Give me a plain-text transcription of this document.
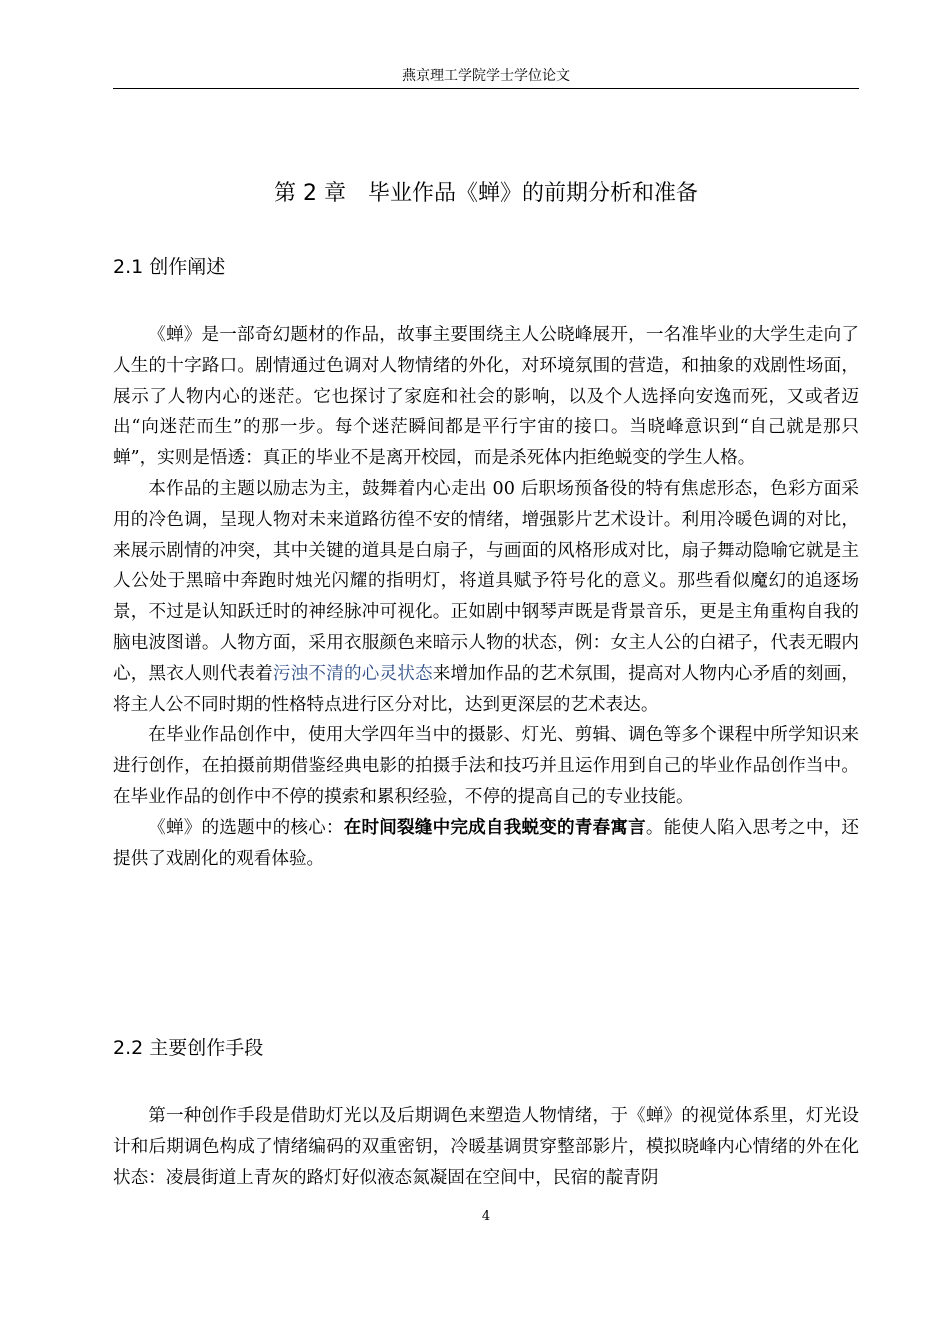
燕京理工学院学士学位论文
第 2 章　毕业作品《蝉》的前期分析和准备
2.1 创作阐述

《蝉》是一部奇幻题材的作品，故事主要围绕主人公晓峰展开，一名准毕业的大学生走向了人生的十字路口。剧情通过色调对人物情绪的外化，对环境氛围的营造，和抽象的戏剧性场面，展示了人物内心的迷茫。它也探讨了家庭和社会的影响，以及个人选择向安逸而死，又或者迈出“向迷茫而生”的那一步。每个迷茫瞬间都是平行宇宙的接口。当晓峰意识到“自己就是那只蝉”，实则是悟透：真正的毕业不是离开校园，而是杀死体内拒绝蜕变的学生人格。

本作品的主题以励志为主，鼓舞着内心走出 00 后职场预备役的特有焦虑形态，色彩方面采用的冷色调，呈现人物对未来道路彷徨不安的情绪，增强影片艺术设计。利用冷暖色调的对比，来展示剧情的冲突，其中关键的道具是白扇子，与画面的风格形成对比，扇子舞动隐喻它就是主人公处于黑暗中奔跑时烛光闪耀的指明灯，将道具赋予符号化的意义。那些看似魔幻的追逐场景，不过是认知跃迁时的神经脉冲可视化。正如剧中钢琴声既是背景音乐，更是主角重构自我的脑电波图谱。人物方面，采用衣服颜色来暗示人物的状态，例：女主人公的白裙子，代表无暇内心，黑衣人则代表着污浊不清的心灵状态来增加作品的艺术氛围，提高对人物内心矛盾的刻画，将主人公不同时期的性格特点进行区分对比，达到更深层的艺术表达。

在毕业作品创作中，使用大学四年当中的摄影、灯光、剪辑、调色等多个课程中所学知识来进行创作，在拍摄前期借鉴经典电影的拍摄手法和技巧并且运作用到自己的毕业作品创作当中。在毕业作品的创作中不停的摸索和累积经验，不停的提高自己的专业技能。

《蝉》的选题中的核心：在时间裂缝中完成自我蜕变的青春寓言。能使人陷入思考之中，还提供了戏剧化的观看体验。

2.2 主要创作手段

第一种创作手段是借助灯光以及后期调色来塑造人物情绪，于《蝉》的视觉体系里，灯光设计和后期调色构成了情绪编码的双重密钥，冷暖基调贯穿整部影片，模拟晓峰内心情绪的外在化状态：凌晨街道上青灰的路灯好似液态氮凝固在空间中，民宿的靛青阴

4
